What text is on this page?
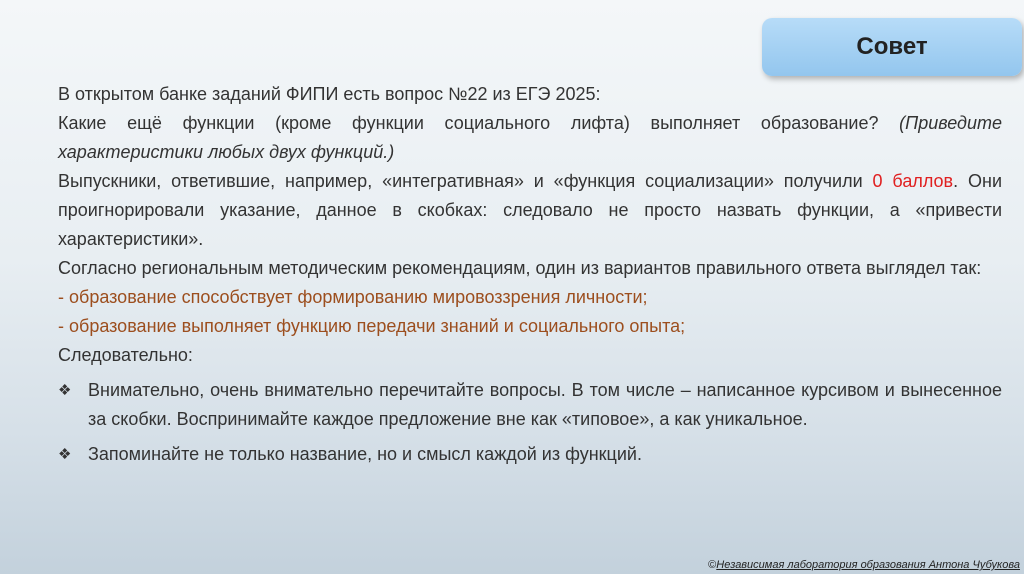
Совет

В открытом банке заданий ФИПИ есть вопрос №22 из ЕГЭ 2025:

Какие ещё функции (кроме функции социального лифта) выполняет образование? (Приведите характеристики любых двух функций.)

Выпускники, ответившие, например, «интегративная» и «функция социализации» получили 0 баллов. Они проигнорировали указание, данное в скобках: следовало не просто назвать функции, а «привести характеристики».

Согласно региональным методическим рекомендациям, один из вариантов правильного ответа выглядел так:

- образование способствует формированию мировоззрения личности;

- образование выполняет функцию передачи знаний и социального опыта;

Следовательно:

❖ Внимательно, очень внимательно перечитайте вопросы. В том числе – написанное курсивом и вынесенное за скобки. Воспринимайте каждое предложение вне как «типовое», а как уникальное.
❖ Запоминайте не только название, но и смысл каждой из функций.
©Независимая лаборатория образования Антона Чубукова
